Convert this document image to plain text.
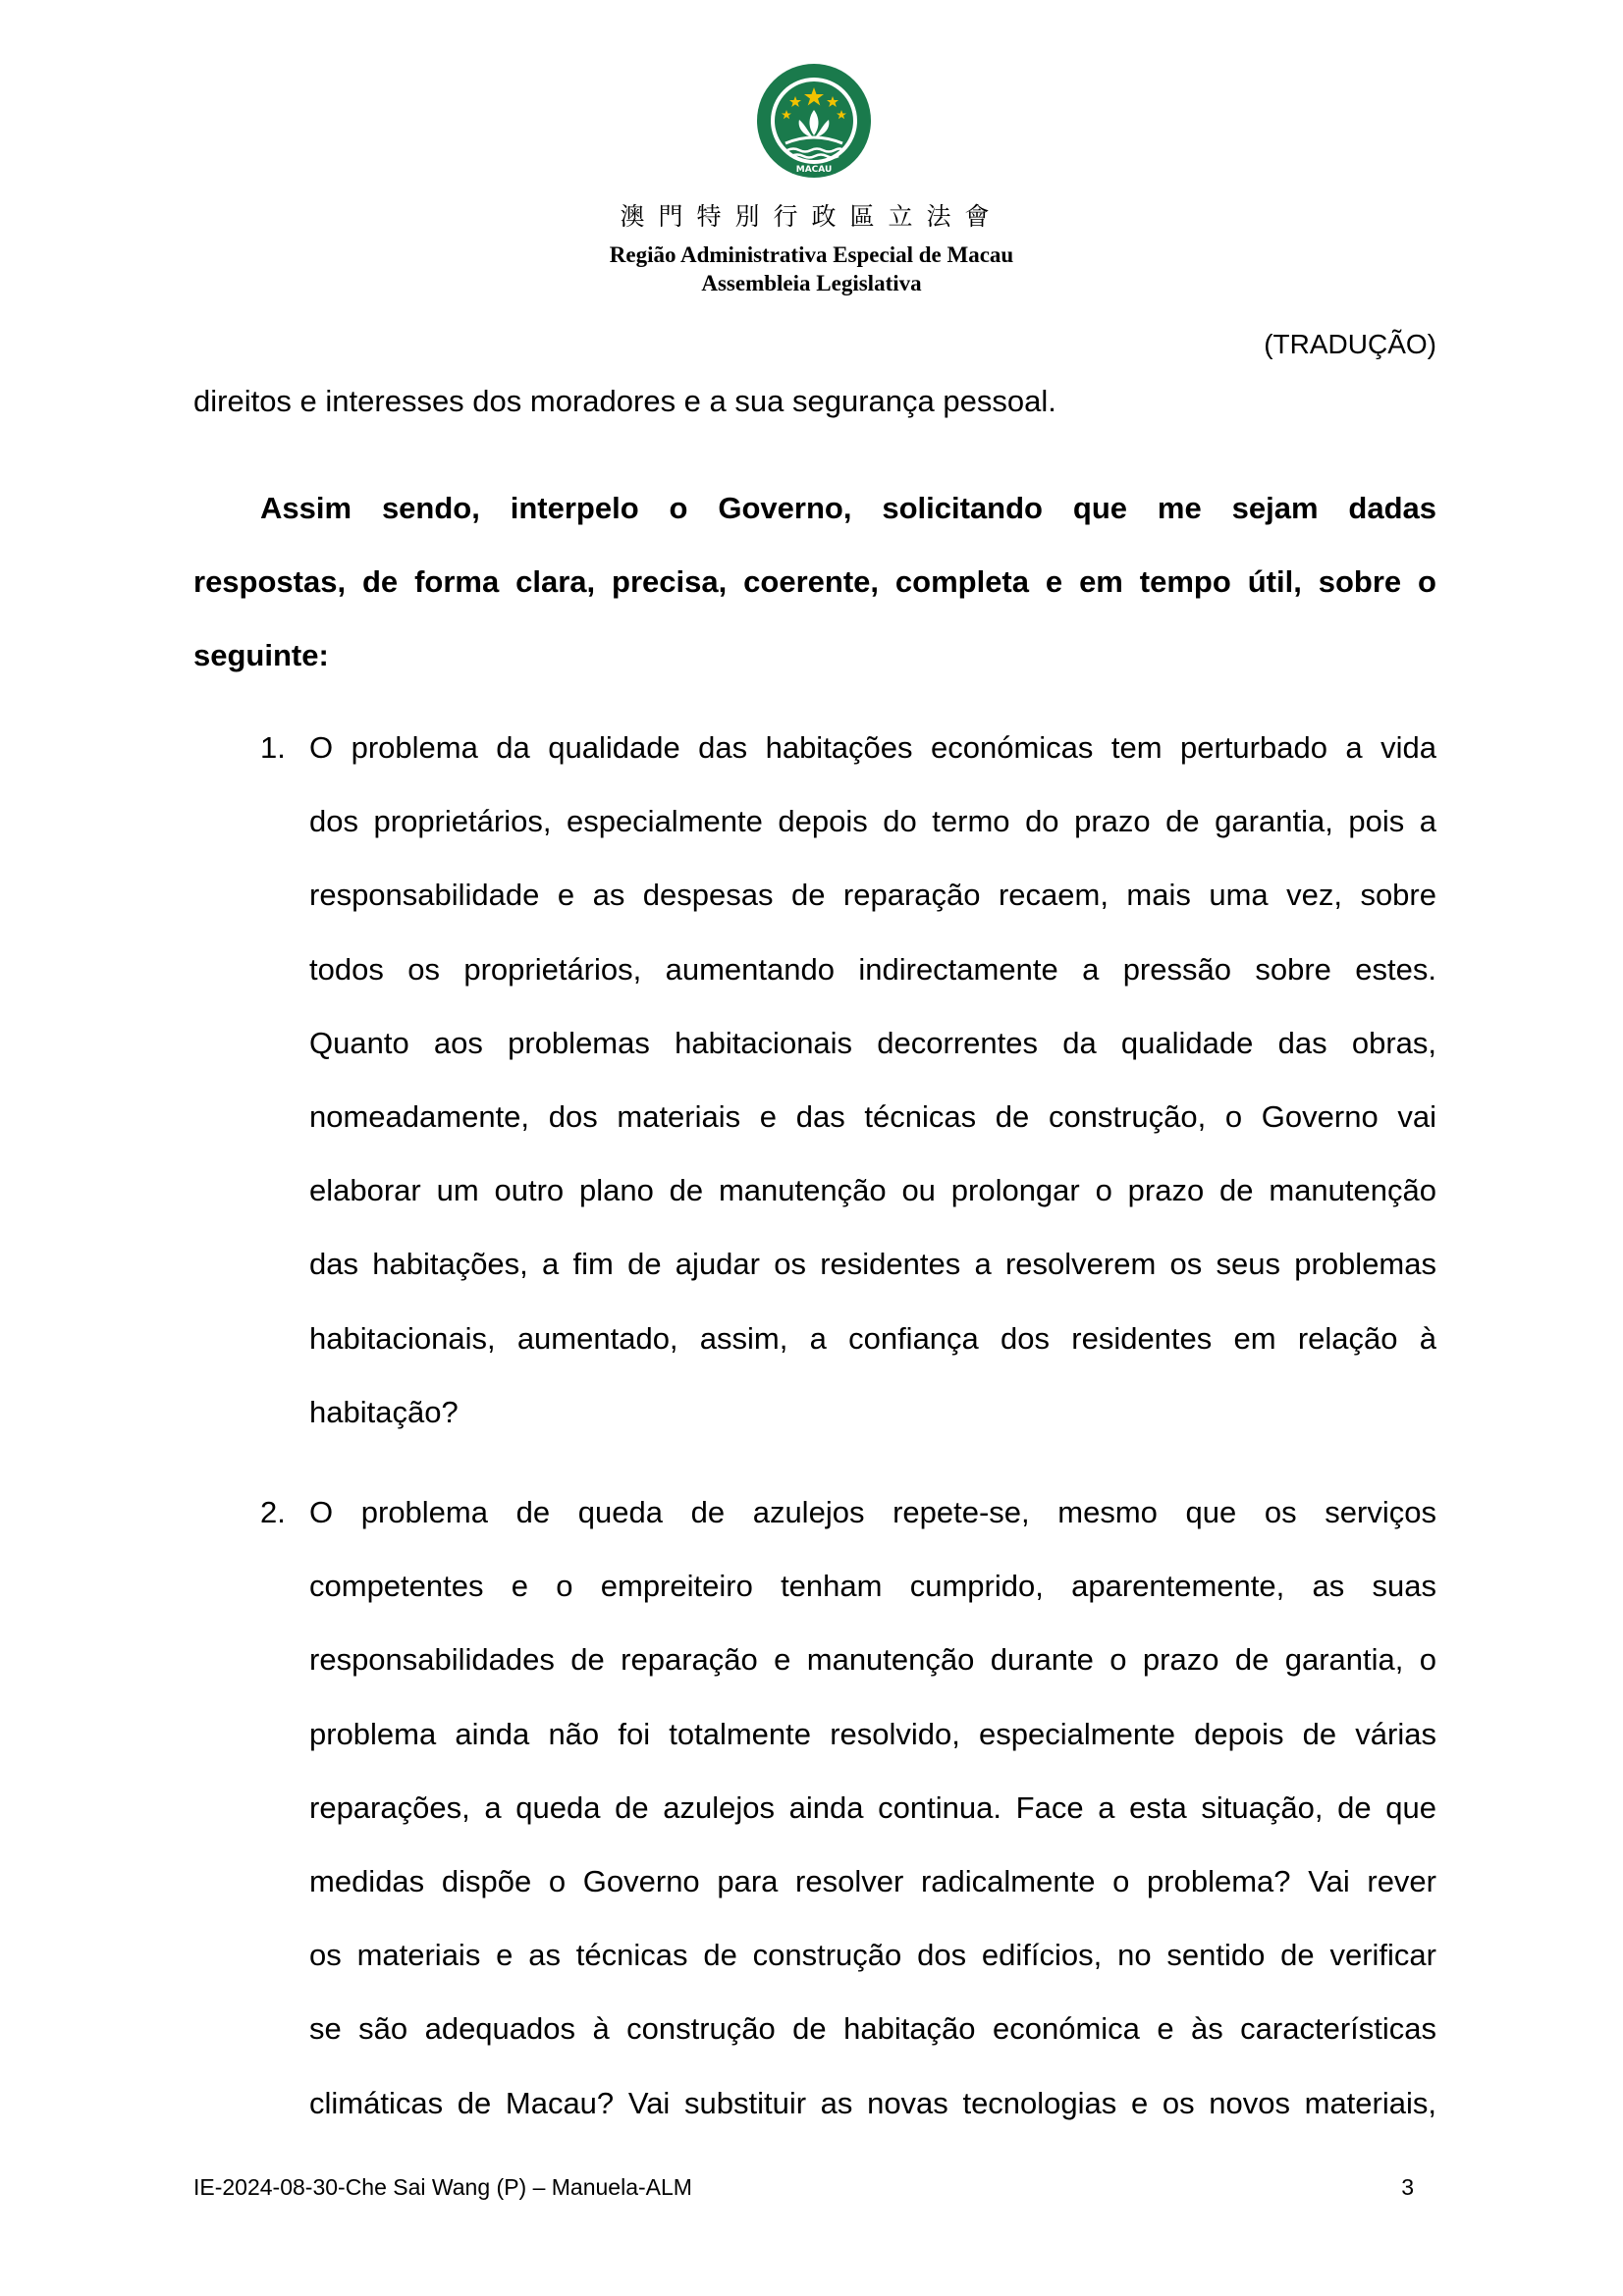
MACAU
澳門特別行政區立法會
Região Administrativa Especial de Macau
Assembleia Legislativa
(TRADUÇÃO)
direitos e interesses dos moradores e a sua segurança pessoal.
Assim sendo, interpelo o Governo, solicitando que me sejam dadas
respostas, de forma clara, precisa, coerente, completa e em tempo útil, sobre o
seguinte:
1. O problema da qualidade das habitações económicas tem perturbado a vida
dos proprietários, especialmente depois do termo do prazo de garantia, pois a
responsabilidade e as despesas de reparação recaem, mais uma vez, sobre
todos os proprietários, aumentando indirectamente a pressão sobre estes.
Quanto aos problemas habitacionais decorrentes da qualidade das obras,
nomeadamente, dos materiais e das técnicas de construção, o Governo vai
elaborar um outro plano de manutenção ou prolongar o prazo de manutenção
das habitações, a fim de ajudar os residentes a resolverem os seus problemas
habitacionais, aumentado, assim, a confiança dos residentes em relação à
habitação?
2. O problema de queda de azulejos repete-se, mesmo que os serviços
competentes e o empreiteiro tenham cumprido, aparentemente, as suas
responsabilidades de reparação e manutenção durante o prazo de garantia, o
problema ainda não foi totalmente resolvido, especialmente depois de várias
reparações, a queda de azulejos ainda continua. Face a esta situação, de que
medidas dispõe o Governo para resolver radicalmente o problema? Vai rever
os materiais e as técnicas de construção dos edifícios, no sentido de verificar
se são adequados à construção de habitação económica e às características
climáticas de Macau? Vai substituir as novas tecnologias e os novos materiais,
IE-2024-08-30-Che Sai Wang (P) – Manuela-ALM	3
